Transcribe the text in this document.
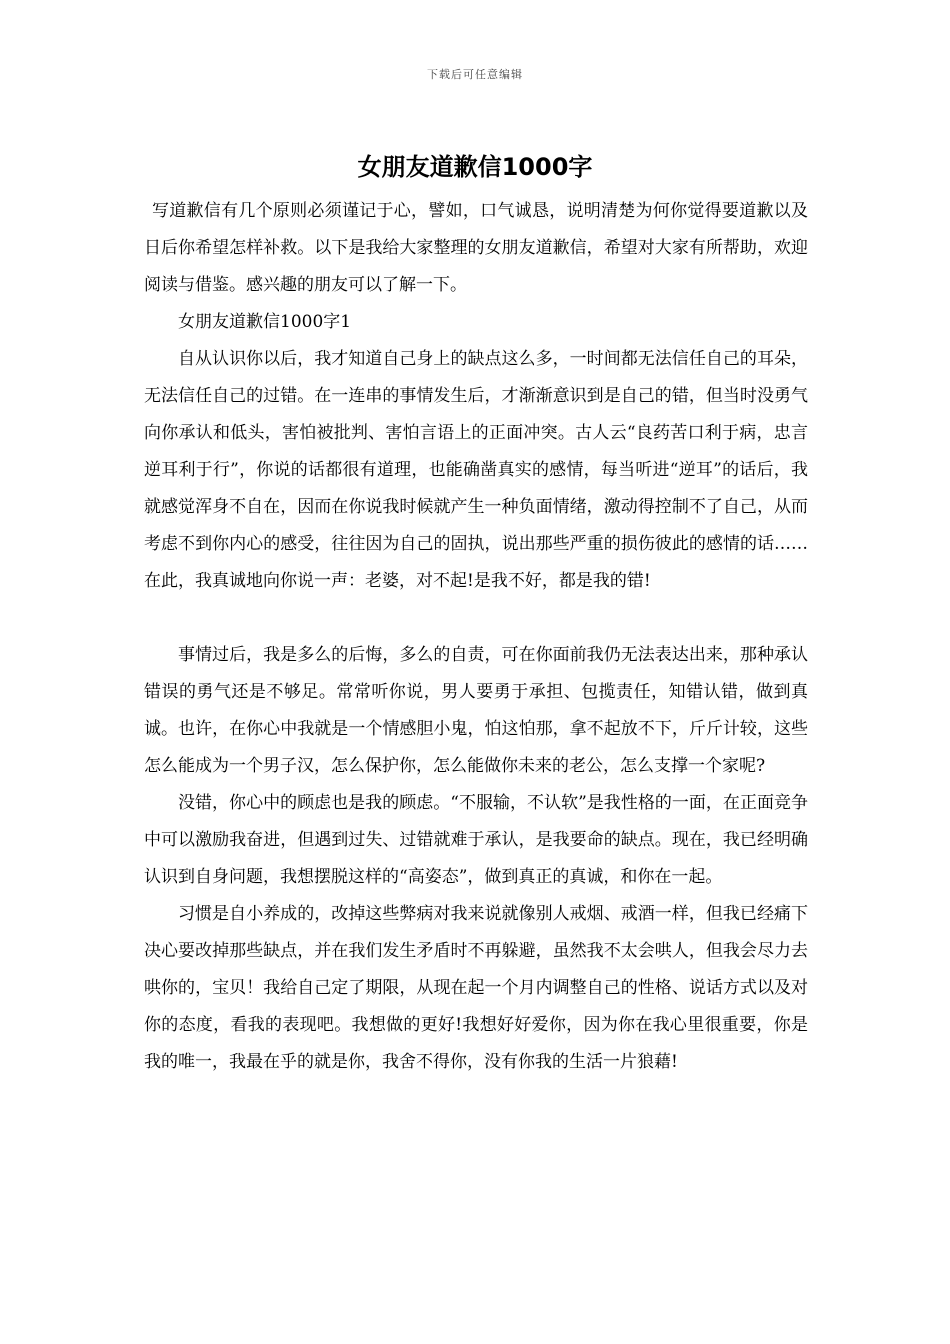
下载后可任意编辑
女朋友道歉信1000字

写道歉信有几个原则必须谨记于心，譬如，口气诚恳，说明清楚为何你觉得要道歉以及日后你希望怎样补救。以下是我给大家整理的女朋友道歉信，希望对大家有所帮助，欢迎阅读与借鉴。感兴趣的朋友可以了解一下。

女朋友道歉信1000字1

自从认识你以后，我才知道自己身上的缺点这么多，一时间都无法信任自己的耳朵，无法信任自己的过错。在一连串的事情发生后，才渐渐意识到是自己的错，但当时没勇气向你承认和低头，害怕被批判、害怕言语上的正面冲突。古人云“良药苦口利于病，忠言逆耳利于行”，你说的话都很有道理，也能确凿真实的感情，每当听进“逆耳”的话后，我就感觉浑身不自在，因而在你说我时候就产生一种负面情绪，激动得控制不了自己，从而考虑不到你内心的感受，往往因为自己的固执，说出那些严重的损伤彼此的感情的话……在此，我真诚地向你说一声：老婆，对不起!是我不好，都是我的错!

事情过后，我是多么的后悔，多么的自责，可在你面前我仍无法表达出来，那种承认错误的勇气还是不够足。常常听你说，男人要勇于承担、包揽责任，知错认错，做到真诚。也许，在你心中我就是一个情感胆小鬼，怕这怕那，拿不起放不下，斤斤计较，这些怎么能成为一个男子汉，怎么保护你，怎么能做你未来的老公，怎么支撑一个家呢?

没错，你心中的顾虑也是我的顾虑。“不服输，不认软”是我性格的一面，在正面竞争中可以激励我奋进，但遇到过失、过错就难于承认，是我要命的缺点。现在，我已经明确认识到自身问题，我想摆脱这样的“高姿态”，做到真正的真诚，和你在一起。

习惯是自小养成的，改掉这些弊病对我来说就像别人戒烟、戒酒一样，但我已经痛下决心要改掉那些缺点，并在我们发生矛盾时不再躲避，虽然我不太会哄人，但我会尽力去哄你的，宝贝！我给自己定了期限，从现在起一个月内调整自己的性格、说话方式以及对你的态度，看我的表现吧。我想做的更好!我想好好爱你，因为你在我心里很重要，你是我的唯一，我最在乎的就是你，我舍不得你，没有你我的生活一片狼藉!
